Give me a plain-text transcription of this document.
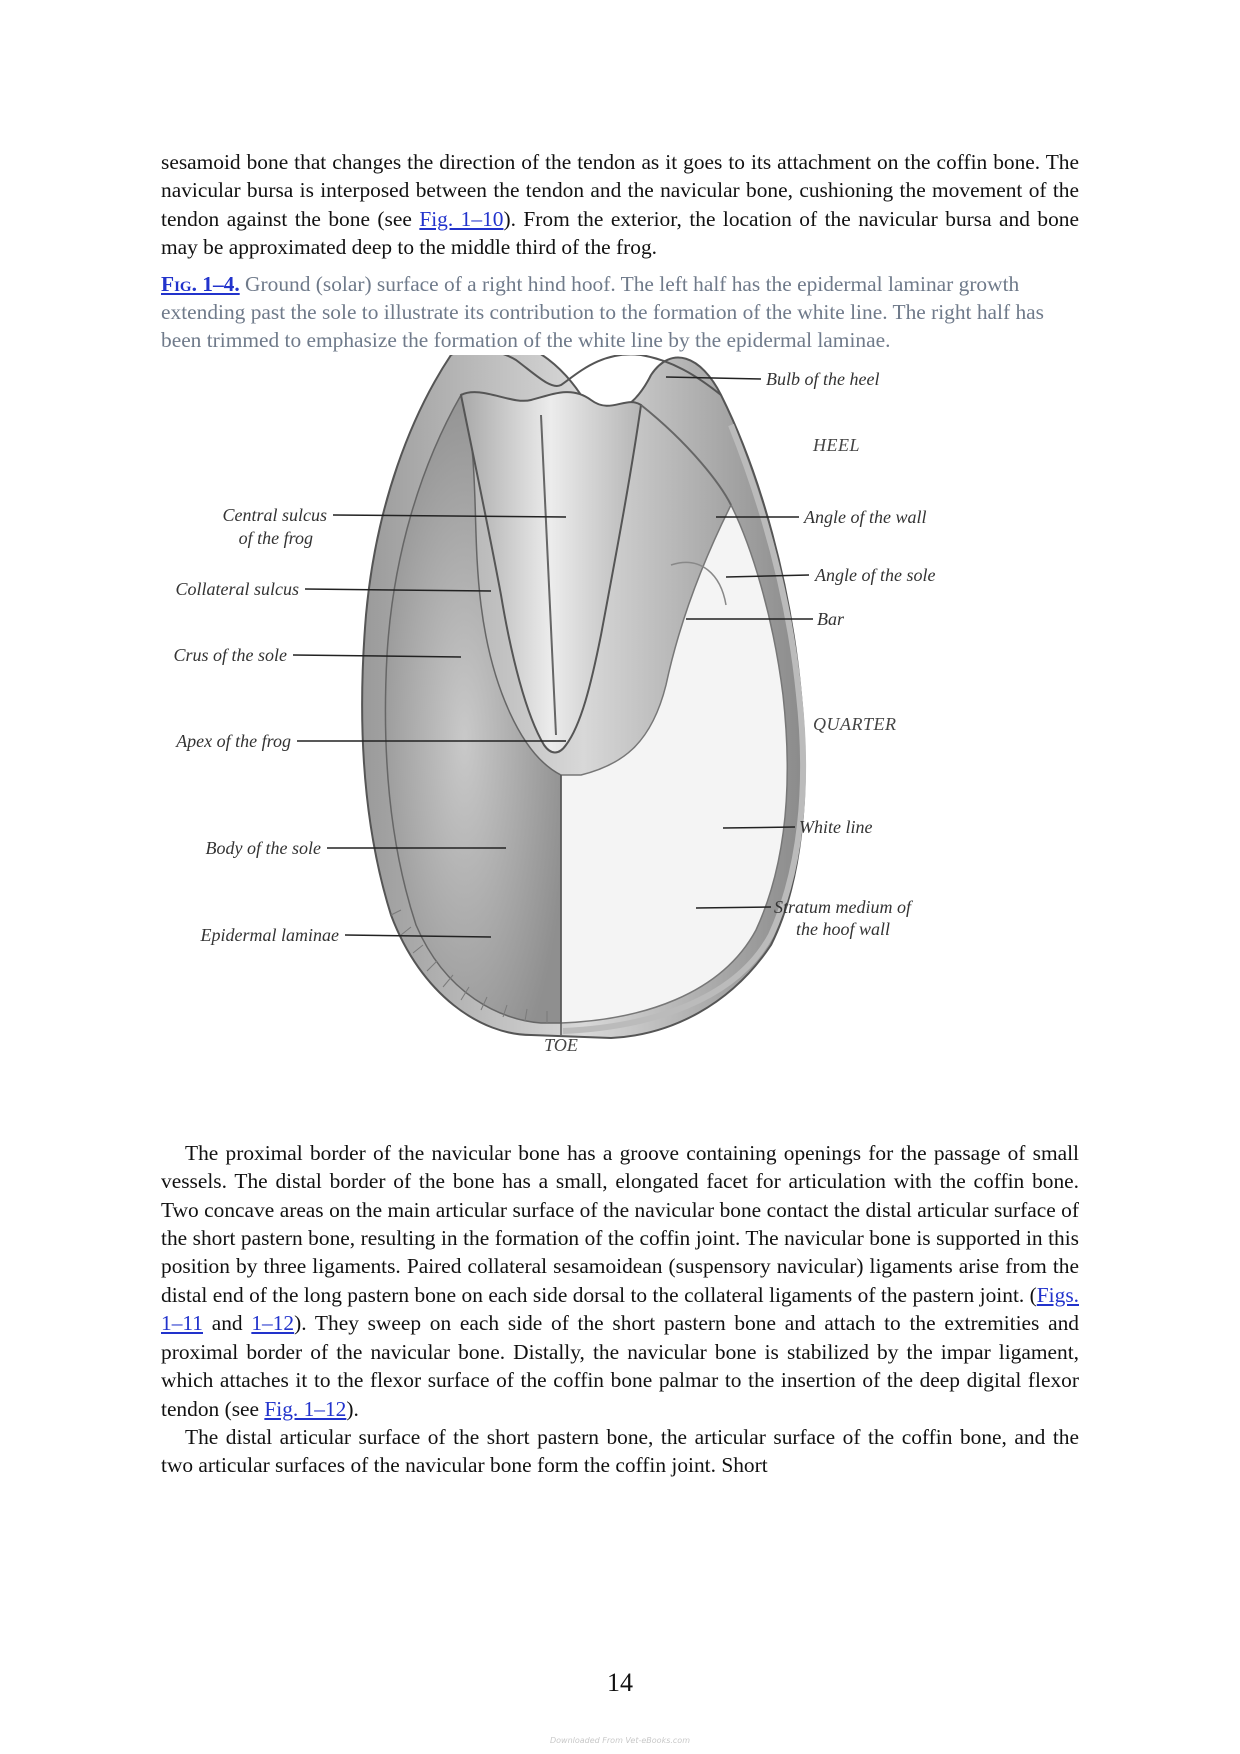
sesamoid bone that changes the direction of the tendon as it goes to its attachment on the coffin bone. The navicular bursa is interposed between the tendon and the navicular bone, cushioning the movement of the tendon against the bone (see Fig. 1–10). From the exterior, the location of the navicular bursa and bone may be approximated deep to the middle third of the frog.

Fig. 1–4. Ground (solar) surface of a right hind hoof. The left half has the epidermal laminar growth extending past the sole to illustrate its contribution to the formation of the white line. The right half has been trimmed to emphasize the formation of the white line by the epidermal laminae.

Central sulcus
of the frog
Collateral sulcus
Crus of the sole
Apex of the frog
Body of the sole
Epidermal laminae
Bulb of the heel
Angle of the wall
Angle of the sole
Bar
White line
Stratum medium of
the hoof wall
HEEL
QUARTER
TOE

The proximal border of the navicular bone has a groove containing openings for the passage of small vessels. The distal border of the bone has a small, elongated facet for articulation with the coffin bone. Two concave areas on the main articular surface of the navicular bone contact the distal articular surface of the short pastern bone, resulting in the formation of the coffin joint. The navicular bone is supported in this position by three ligaments. Paired collateral sesamoidean (suspensory navicular) ligaments arise from the distal end of the long pastern bone on each side dorsal to the collateral ligaments of the pastern joint. (Figs. 1–11 and 1–12). They sweep on each side of the short pastern bone and attach to the extremities and proximal border of the navicular bone. Distally, the navicular bone is stabilized by the impar ligament, which attaches it to the flexor surface of the coffin bone palmar to the insertion of the deep digital flexor tendon (see Fig. 1–12).

The distal articular surface of the short pastern bone, the articular surface of the coffin bone, and the two articular surfaces of the navicular bone form the coffin joint. Short

14
Downloaded From Vet-eBooks.com
